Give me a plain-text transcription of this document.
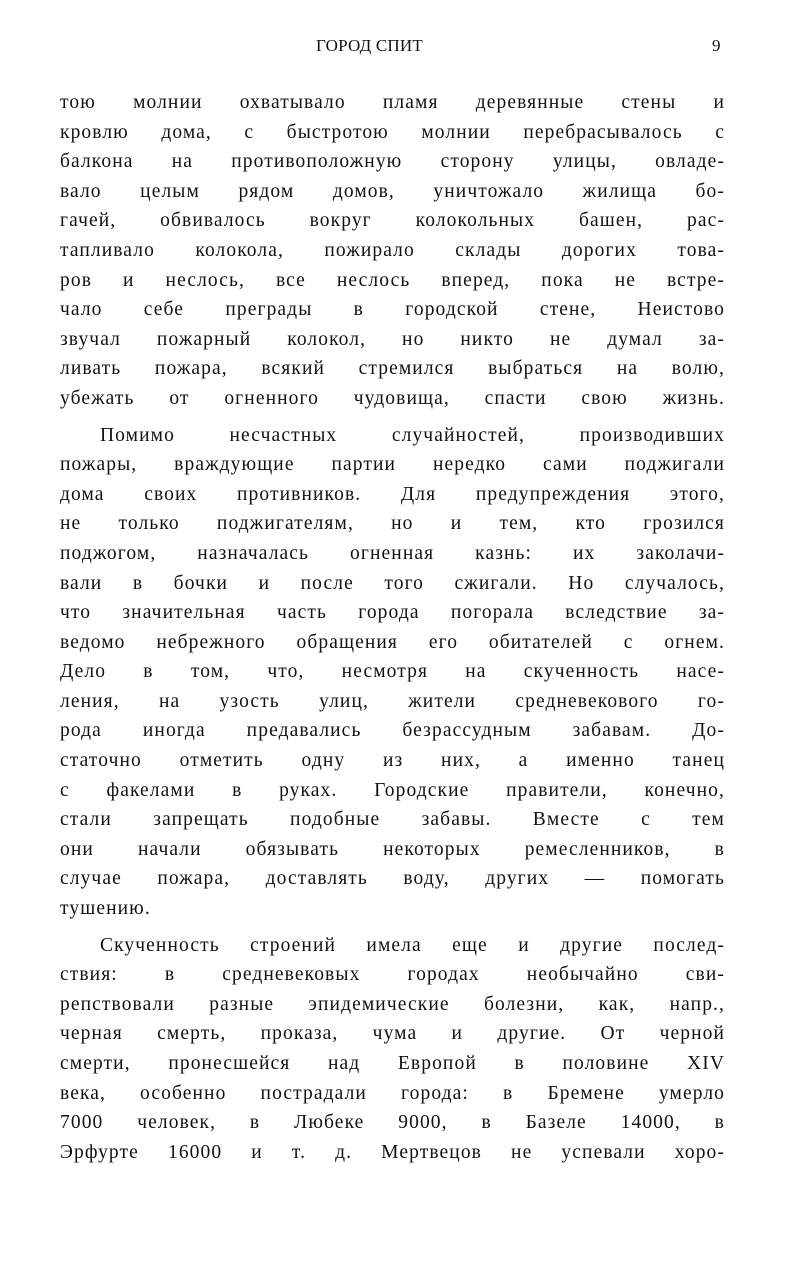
ГОРОД СПИТ	9

тою молнии охватывало пламя деревянные стены и
кровлю дома, с быстротою молнии перебрасывалось с
балкона на противоположную сторону улицы, овладе-
вало целым рядом домов, уничтожало жилища бо-
гачей, обвивалось вокруг колокольных башен, рас-
тапливало колокола, пожирало склады дорогих това-
ров и неслось, все неслось вперед, пока не встре-
чало себе преграды в городской стене, Неистово
звучал пожарный колокол, но никто не думал за-
ливать пожара, всякий стремился выбраться на волю,
убежать от огненного чудовища, спасти свою жизнь.

Помимо несчастных случайностей, производивших
пожары, враждующие партии нередко сами поджигали
дома своих противников. Для предупреждения этого,
не только поджигателям, но и тем, кто грозился
поджогом, назначалась огненная казнь: их заколачи-
вали в бочки и после того сжигали. Но случалось,
что значительная часть города погорала вследствие за-
ведомо небрежного обращения его обитателей с огнем.
Дело в том, что, несмотря на скученность насе-
ления, на узость улиц, жители средневекового го-
рода иногда предавались безрассудным забавам. До-
статочно отметить одну из них, а именно танец
с факелами в руках. Городские правители, конечно,
стали запрещать подобные забавы. Вместе с тем
они начали обязывать некоторых ремесленников, в
случае пожара, доставлять воду, других — помогать
тушению.

Скученность строений имела еще и другие послед-
ствия: в средневековых городах необычайно сви-
репствовали разные эпидемические болезни, как, напр.,
черная смерть, проказа, чума и другие. От черной
смерти, пронесшейся над Европой в половине XIV
века, особенно пострадали города: в Бремене умерло
7000 человек, в Любеке 9000, в Базеле 14000, в
Эрфурте 16000 и т. д. Мертвецов не успевали хоро-
